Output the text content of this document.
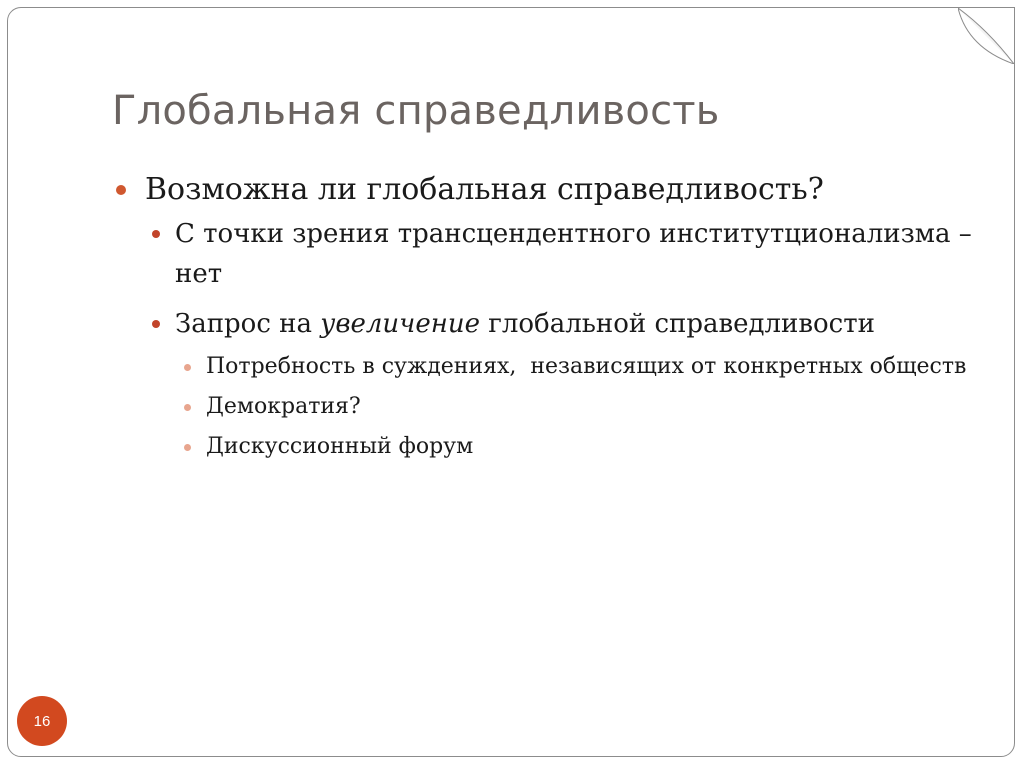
Глобальная справедливость
Возможна ли глобальная справедливость?
С точки зрения трансцендентного институтционализма – нет
Запрос на увеличение глобальной справедливости
Потребность в суждениях,  независящих от конкретных обществ
Демократия?
Дискуссионный форум
16
